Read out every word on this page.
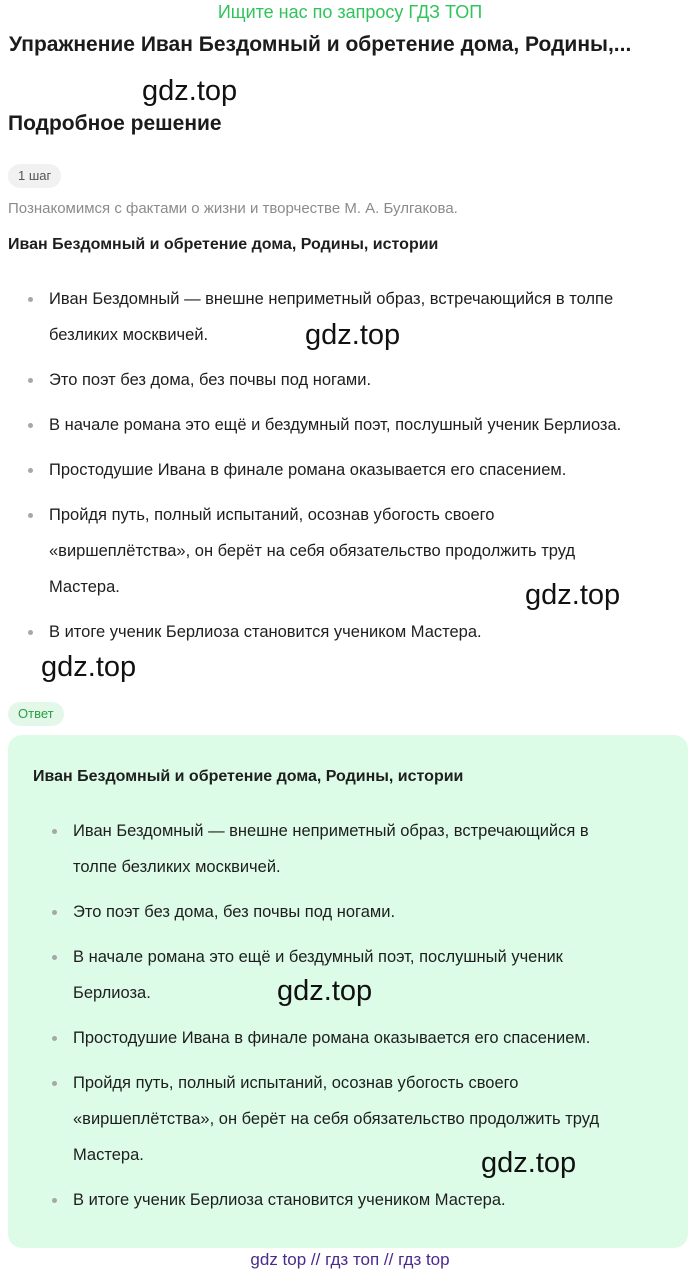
Ищите нас по запросу ГДЗ ТОП
Упражнение Иван Бездомный и обретение дома, Родины,...
gdz.top
Подробное решение
1 шаг
Познакомимся с фактами о жизни и творчестве М. А. Булгакова.
Иван Бездомный и обретение дома, Родины, истории
Иван Бездомный — внешне неприметный образ, встречающийся в толпе
безликих москвичей.
Это поэт без дома, без почвы под ногами.
В начале романа это ещё и бездумный поэт, послушный ученик Берлиоза.
Простодушие Ивана в финале романа оказывается его спасением.
Пройдя путь, полный испытаний, осознав убогость своего
«виршеплётства», он берёт на себя обязательство продолжить труд
Мастера.
В итоге ученик Берлиоза становится учеником Мастера.
gdz.top
gdz.top
gdz.top
Ответ
Иван Бездомный и обретение дома, Родины, истории
Иван Бездомный — внешне неприметный образ, встречающийся в
толпе безликих москвичей.
Это поэт без дома, без почвы под ногами.
В начале романа это ещё и бездумный поэт, послушный ученик
Берлиоза.
Простодушие Ивана в финале романа оказывается его спасением.
Пройдя путь, полный испытаний, осознав убогость своего
«виршеплётства», он берёт на себя обязательство продолжить труд
Мастера.
В итоге ученик Берлиоза становится учеником Мастера.
gdz.top
gdz.top
gdz top // гдз топ // гдз top
